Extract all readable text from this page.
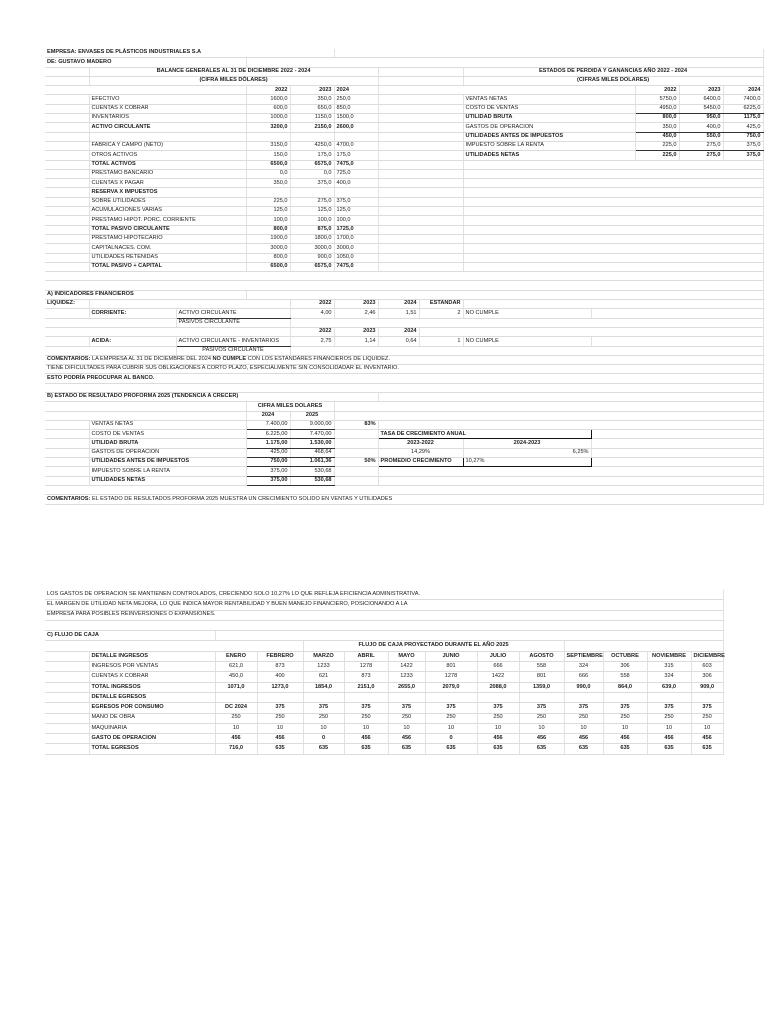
EMPRESA: ENVASES DE PLÁSTICOS INDUSTRIALES S.A												
DE: GUSTAVO MADERO												
	BALANCE GENERALES AL 31 DE DICIEMBRE 2022 - 2024							ESTADOS DE PERDIDA Y GANANCIAS AÑO 2022 - 2024				
	(CIFRA MILES DÓLARES)							(CIFRAS MILES DOLARES)				
			2022	2023	2024					2022	2023	2024
	EFECTIVO		1600,0	350,0	250,0			VENTAS NETAS		5750,0	6400,0	7400,0
	CUENTAS X COBRAR		600,0	650,0	850,0			COSTO DE VENTAS		4950,0	5450,0	6225,0
	INVENTARIOS		1000,0	1150,0	1500,0			UTILIDAD BRUTA		800,0	950,0	1175,0
	ACTIVO CIRCULANTE		3200,0	2150,0	2600,0			GASTOS DE OPERACION		350,0	400,0	425,0
								UTILIDADES ANTES DE IMPUESTOS		450,0	550,0	750,0
	FABRICA Y CAMPO (NETO)		3150,0	4250,0	4700,0			IMPUESTO SOBRE LA RENTA		225,0	275,0	375,0
	OTROS ACTIVOS		150,0	175,0	175,0			UTILIDADES NETAS		225,0	275,0	375,0
	TOTAL ACTIVOS		6500,0	6575,0	7475,0							
	PRESTAMO BANCARIO		0,0	0,0	725,0							
	CUENTAS X PAGAR		350,0	375,0	400,0							
	RESERVA X IMPUESTOS											
	SOBRE UTILIDADES		225,0	275,0	375,0							
	ACUMULACIONES VARIAS		125,0	125,0	125,0							
	PRESTAMO HIPOT. PORC. CORRIENTE		100,0	100,0	100,0							
	TOTAL PASIVO CIRCULANTE		800,0	875,0	1725,0							
	PRESTAMO HIPOTECARIO		1900,0	1800,0	1700,0							
	CAPITALNACES. COM.		3000,0	3000,0	3000,0							
	UTILIDADES RETENIDAS		800,0	900,0	1050,0							
	TOTAL PASIVO + CAPITAL		6500,0	6575,0	7475,0							

A) INDICADORES FINANCIEROS												
LIQUIDEZ:				2022	2023	2024	ESTANDAR					
	CORRIENTE:	ACTIVO CIRCULANTE		4,00	2,46	1,51	2	NO CUMPLE				
		PASIVOS CIRCULANTE										
				2022	2023	2024						
	ACIDA:	ACTIVO CIRCULANTE - INVENTARIOS		2,75	1,14	0,64	1	NO CUMPLE				
		PASIVOS CIRCULANTE										
COMENTARIOS: LA EMPRESA AL 31 DE DICIEMBRE DEL 2024 NO CUMPLE CON LOS ESTANDARES FINANCIEROS DE LIQUIDEZ.												
TIENE DIFICULTADES PARA CUBRIR SUS OBLIGACIONES A CORTO PLAZO, ESPECIALMENTE SIN CONSOLIDADAR EL INVENTARIO.												
ESTO PODRÍA PREOCUPAR AL BANCO.												

B) ESTADO DE RESULTADO PROFORMA 2025 (TENDENCIA A CRECER)												
			CIFRA MILES DOLARES									
			2024	2025								
	VENTAS NETAS		7.400,00	9.000,00	83%							
	COSTO DE VENTAS		6.225,00	7.470,00		TASA DE CRECIMIENTO ANUAL						
	UTILIDAD BRUTA		1.175,00	1.530,00		2023-2022		2024-2023				
	GASTOS DE OPERACION		425,00	468,64		14,29%		6,25%				
	UTILIDADES ANTES DE IMPUESTOS		750,00	1.061,36	50%	PROMEDIO CRECIMIENTO		10,27%				
	IMPUESTO SOBRE LA RENTA		375,00	530,68								
	UTILIDADES NETAS		375,00	530,68								

COMENTARIOS: EL ESTADO DE RESULTADOS PROFORMA 2025 MUESTRA UN CRECIMIENTO SOLIDO EN VENTAS Y UTILIDADES												
LOS GASTOS DE OPERACION SE MANTIENEN CONTROLADOS, CRECIENDO SOLO 10,27% LO QUE REFLEJA EFICIENCIA ADMINISTRATIVA.													
EL MARGEN DE UTILIDAD NETA MEJORA, LO QUE INDICA MAYOR RENTABILIDAD Y BUEN MANEJO FINANCIERO, POSICIONANDO A LA													
EMPRESA PARA POSIBLES REINVERSIONES O EXPANSIONES.													

C) FLUJO DE CAJA													
				FLUJO DE CAJA PROYECTADO DURANTE EL AÑO 2025									
	DETALLE INGRESOS	ENERO	FEBRERO	MARZO	ABRIL	MAYO	JUNIO	JULIO	AGOSTO	SEPTIEMBRE	OCTUBRE	NOVIEMBRE	DICIEMBRE
	INGRESOS POR VENTAS	621,0	873	1233	1278	1422	801	666	558	324	306	315	603
	CUENTAS X COBRAR	450,0	400	621	873	1233	1278	1422	801	666	558	324	306
	TOTAL INGRESOS	1071,0	1273,0	1854,0	2151,0	2655,0	2079,0	2088,0	1359,0	990,0	864,0	639,0	909,0
	DETALLE EGRESOS												
	EGRESOS POR CONSUMO	DC 2024	375	375	375	375	375	375	375	375	375	375	375
	MANO DE OBRA	250	250	250	250	250	250	250	250	250	250	250	250
	MAQUINARIA	10	10	10	10	10	10	10	10	10	10	10	10
	GASTO DE OPERACION	456	456	0	456	456	0	456	456	456	456	456	456
	TOTAL EGRESOS	716,0	635	635	635	635	635	635	635	635	635	635	635
